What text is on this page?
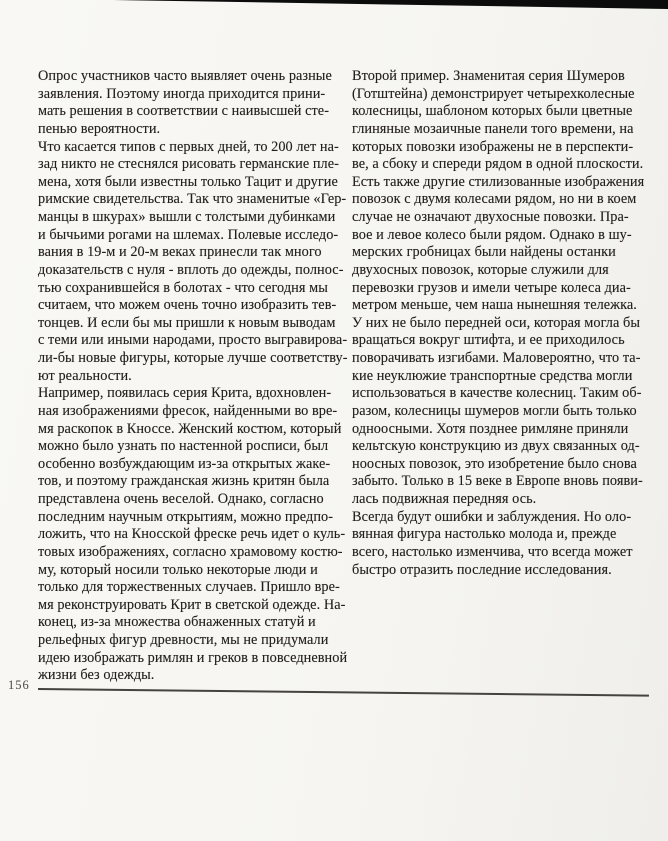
Опрос участников часто выявляет очень разные
заявления. Поэтому иногда приходится прини-
мать решения в соответствии с наивысшей сте-
пенью вероятности.
Что касается типов с первых дней, то 200 лет на-
зад никто не стеснялся рисовать германские пле-
мена, хотя были известны только Тацит и другие
римские свидетельства. Так что знаменитые «Гер-
манцы в шкурах» вышли с толстыми дубинками
и бычьими рогами на шлемах. Полевые исследо-
вания в 19-м и 20-м веках принесли так много
доказательств с нуля - вплоть до одежды, полнос-
тью сохранившейся в болотах - что сегодня мы
считаем, что можем очень точно изобразить тев-
тонцев. И если бы мы пришли к новым выводам
с теми или иными народами, просто выгравирова-
ли-бы новые фигуры, которые лучше соответству-
ют реальности.
Например, появилась серия Крита, вдохновлен-
ная изображениями фресок, найденными во вре-
мя раскопок в Кноссе. Женский костюм, который
можно было узнать по настенной росписи, был
особенно возбуждающим из-за открытых жаке-
тов, и поэтому гражданская жизнь критян была
представлена очень веселой. Однако, согласно
последним научным открытиям, можно предпо-
ложить, что на Кносской фреске речь идет о куль-
товых изображениях, согласно храмовому костю-
му, который носили только некоторые люди и
только для торжественных случаев. Пришло вре-
мя реконструировать Крит в светской одежде. На-
конец, из-за множества обнаженных статуй и
рельефных фигур древности, мы не придумали
идею изображать римлян и греков в повседневной
жизни без одежды.
Второй пример. Знаменитая серия Шумеров
(Готштейна) демонстрирует четырехколесные
колесницы, шаблоном которых были цветные
глиняные мозаичные панели того времени, на
которых повозки изображены не в перспекти-
ве, а сбоку и спереди рядом в одной плоскости.
Есть также другие стилизованные изображения
повозок с двумя колесами рядом, но ни в коем
случае не означают двухосные повозки. Пра-
вое и левое колесо были рядом. Однако в шу-
мерских гробницах были найдены останки
двухосных повозок, которые служили для
перевозки грузов и имели четыре колеса диа-
метром меньше, чем наша нынешняя тележка.
У них не было передней оси, которая могла бы
вращаться вокруг штифта, и ее приходилось
поворачивать изгибами. Маловероятно, что та-
кие неуклюжие транспортные средства могли
использоваться в качестве колесниц. Таким об-
разом, колесницы шумеров могли быть только
одноосными. Хотя позднее римляне приняли
кельтскую конструкцию из двух связанных од-
ноосных повозок, это изобретение было снова
забыто. Только в 15 веке в Европе вновь появи-
лась подвижная передняя ось.
Всегда будут ошибки и заблуждения. Но оло-
вянная фигура настолько молода и, прежде
всего, настолько изменчива, что всегда может
быстро отразить последние исследования.
156
